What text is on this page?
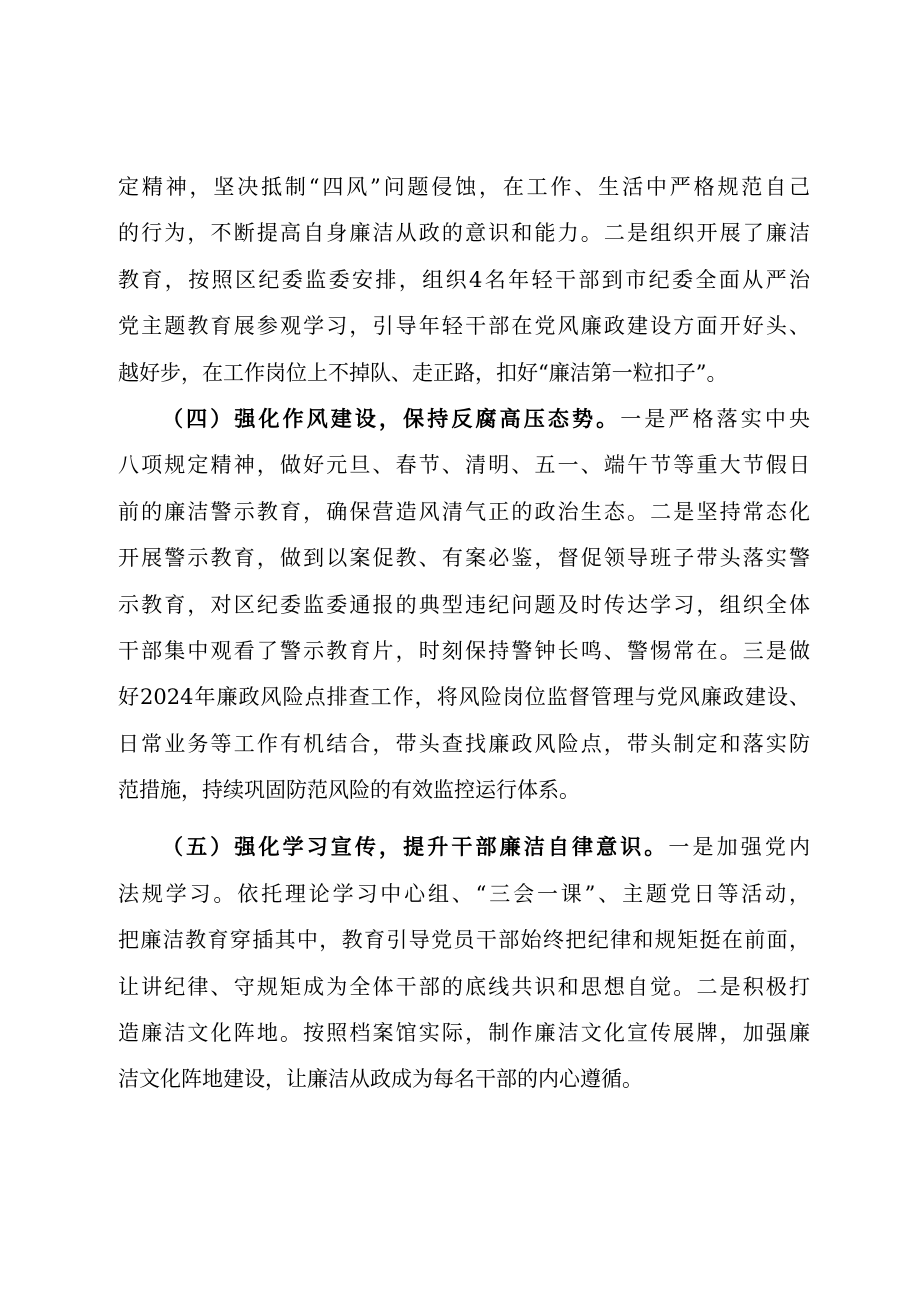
定精神，坚决抵制“四风”问题侵蚀，在工作、生活中严格规范自己
的行为，不断提高自身廉洁从政的意识和能力。二是组织开展了廉洁
教育，按照区纪委监委安排，组织4名年轻干部到市纪委全面从严治
党主题教育展参观学习，引导年轻干部在党风廉政建设方面开好头、
越好步，在工作岗位上不掉队、走正路，扣好“廉洁第一粒扣子”。
（四）强化作风建设，保持反腐高压态势。一是严格落实中央
八项规定精神，做好元旦、春节、清明、五一、端午节等重大节假日
前的廉洁警示教育，确保营造风清气正的政治生态。二是坚持常态化
开展警示教育，做到以案促教、有案必鉴，督促领导班子带头落实警
示教育，对区纪委监委通报的典型违纪问题及时传达学习，组织全体
干部集中观看了警示教育片，时刻保持警钟长鸣、警惕常在。三是做
好2024年廉政风险点排查工作，将风险岗位监督管理与党风廉政建设、
日常业务等工作有机结合，带头查找廉政风险点，带头制定和落实防
范措施，持续巩固防范风险的有效监控运行体系。
（五）强化学习宣传，提升干部廉洁自律意识。一是加强党内
法规学习。依托理论学习中心组、“三会一课”、主题党日等活动，
把廉洁教育穿插其中，教育引导党员干部始终把纪律和规矩挺在前面，
让讲纪律、守规矩成为全体干部的底线共识和思想自觉。二是积极打
造廉洁文化阵地。按照档案馆实际，制作廉洁文化宣传展牌，加强廉
洁文化阵地建设，让廉洁从政成为每名干部的内心遵循。
